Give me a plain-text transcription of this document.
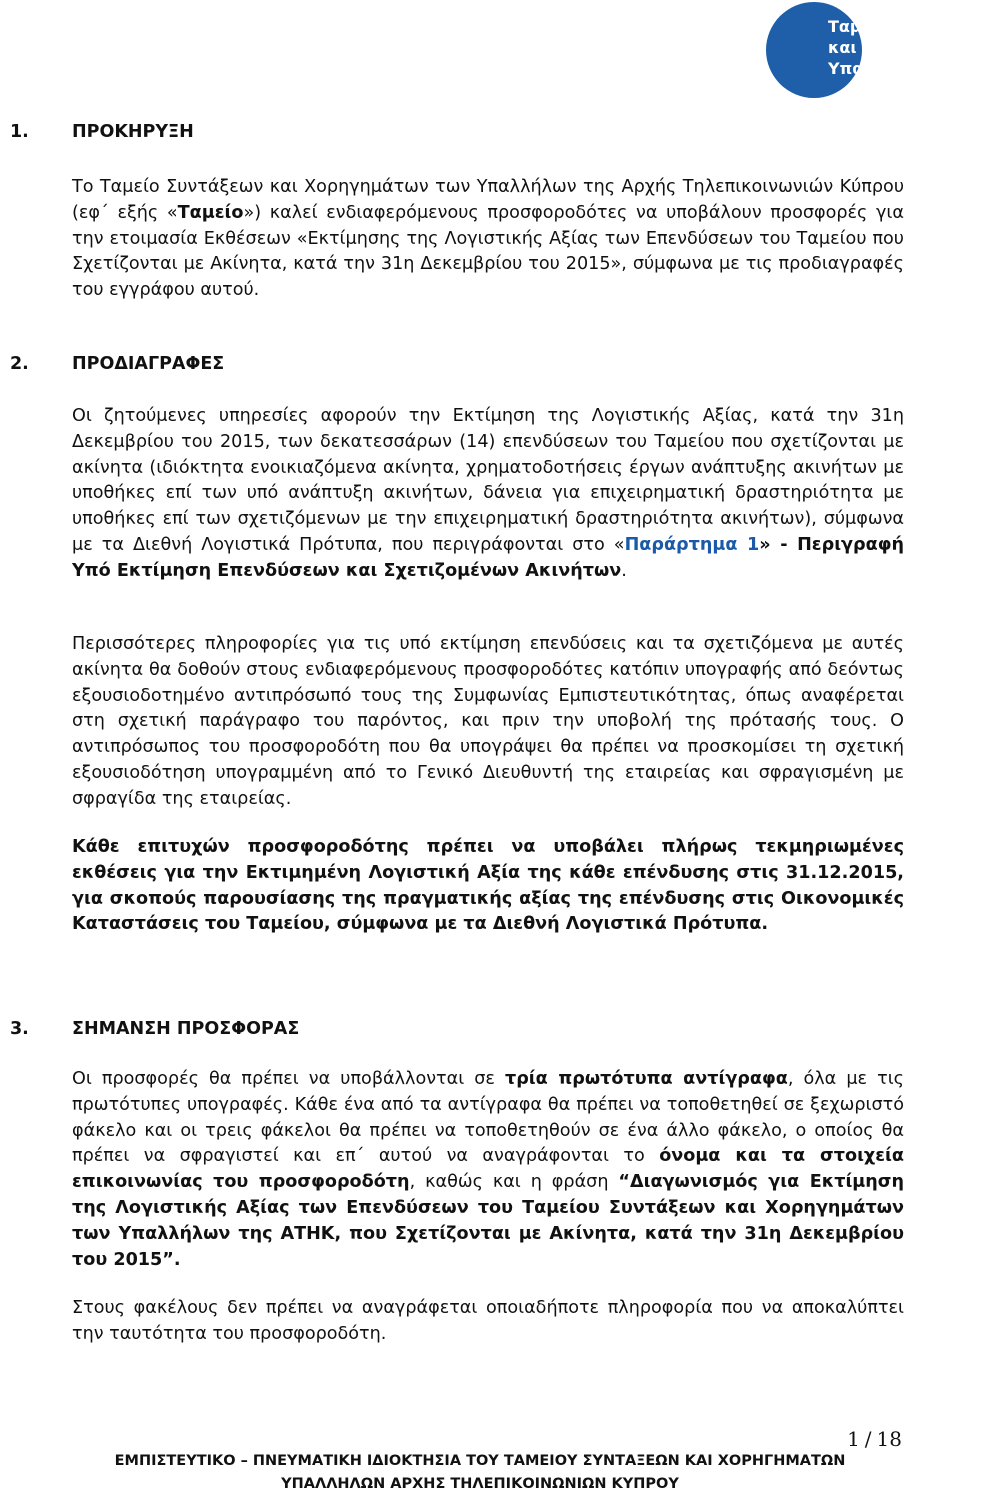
Ταμείο Συντάξεων
και Χορηγημάτων
Υπαλλήλων ΑΤΗΚ
1. ΠΡΟΚΗΡΥΞΗ
Το Ταμείο Συντάξεων και Χορηγημάτων των Υπαλλήλων της Αρχής Τηλεπικοινωνιών Κύπρου (εφ΄ εξής «Ταμείο») καλεί ενδιαφερόμενους προσφοροδότες να υποβάλουν προσφορές για την ετοιμασία Εκθέσεων «Εκτίμησης της Λογιστικής Αξίας των Επενδύσεων του Ταμείου που Σχετίζονται με Ακίνητα, κατά την 31η Δεκεμβρίου του 2015», σύμφωνα με τις προδιαγραφές του εγγράφου αυτού.
2. ΠΡΟΔΙΑΓΡΑΦΕΣ
Οι ζητούμενες υπηρεσίες αφορούν την Εκτίμηση της Λογιστικής Αξίας, κατά την 31η Δεκεμβρίου του 2015, των δεκατεσσάρων (14) επενδύσεων του Ταμείου που σχετίζονται με ακίνητα (ιδιόκτητα ενοικιαζόμενα ακίνητα, χρηματοδοτήσεις έργων ανάπτυξης ακινήτων με υποθήκες επί των υπό ανάπτυξη ακινήτων, δάνεια για επιχειρηματική δραστηριότητα με υποθήκες επί των σχετιζόμενων με την επιχειρηματική δραστηριότητα ακινήτων), σύμφωνα με τα Διεθνή Λογιστικά Πρότυπα, που περιγράφονται στο «Παράρτημα 1» - Περιγραφή Υπό Εκτίμηση Επενδύσεων και Σχετιζομένων Ακινήτων.
Περισσότερες πληροφορίες για τις υπό εκτίμηση επενδύσεις και τα σχετιζόμενα με αυτές ακίνητα θα δοθούν στους ενδιαφερόμενους προσφοροδότες κατόπιν υπογραφής από δεόντως εξουσιοδοτημένο αντιπρόσωπό τους της Συμφωνίας Εμπιστευτικότητας, όπως αναφέρεται στη σχετική παράγραφο του παρόντος, και πριν την υποβολή της πρότασής τους. Ο αντιπρόσωπος του προσφοροδότη που θα υπογράψει θα πρέπει να προσκομίσει τη σχετική εξουσιοδότηση υπογραμμένη από το Γενικό Διευθυντή της εταιρείας και σφραγισμένη με σφραγίδα της εταιρείας.
Κάθε επιτυχών προσφοροδότης πρέπει να υποβάλει πλήρως τεκμηριωμένες εκθέσεις για την Εκτιμημένη Λογιστική Αξία της κάθε επένδυσης στις 31.12.2015, για σκοπούς παρουσίασης της πραγματικής αξίας της επένδυσης στις Οικονομικές Καταστάσεις του Ταμείου, σύμφωνα με τα Διεθνή Λογιστικά Πρότυπα.
3. ΣΗΜΑΝΣΗ ΠΡΟΣΦΟΡΑΣ
Οι προσφορές θα πρέπει να υποβάλλονται σε τρία πρωτότυπα αντίγραφα, όλα με τις πρωτότυπες υπογραφές. Κάθε ένα από τα αντίγραφα θα πρέπει να τοποθετηθεί σε ξεχωριστό φάκελο και οι τρεις φάκελοι θα πρέπει να τοποθετηθούν σε ένα άλλο φάκελο, ο οποίος θα πρέπει να σφραγιστεί και επ΄ αυτού να αναγράφονται το όνομα και τα στοιχεία επικοινωνίας του προσφοροδότη, καθώς και η φράση “Διαγωνισμός για Εκτίμηση της Λογιστικής Αξίας των Επενδύσεων του Ταμείου Συντάξεων και Χορηγημάτων των Υπαλλήλων της ΑΤΗΚ, που Σχετίζονται με Ακίνητα, κατά την 31η Δεκεμβρίου του 2015”.
Στους φακέλους δεν πρέπει να αναγράφεται οποιαδήποτε πληροφορία που να αποκαλύπτει την ταυτότητα του προσφοροδότη.
1 / 18
ΕΜΠΙΣΤΕΥΤΙΚΟ – ΠΝΕΥΜΑΤΙΚΗ ΙΔΙΟΚΤΗΣΙΑ ΤΟΥ ΤΑΜΕΙΟΥ ΣΥΝΤΑΞΕΩΝ ΚΑΙ ΧΟΡΗΓΗΜΑΤΩΝ
ΥΠΑΛΛΗΛΩΝ ΑΡΧΗΣ ΤΗΛΕΠΙΚΟΙΝΩΝΙΩΝ ΚΥΠΡΟΥ
